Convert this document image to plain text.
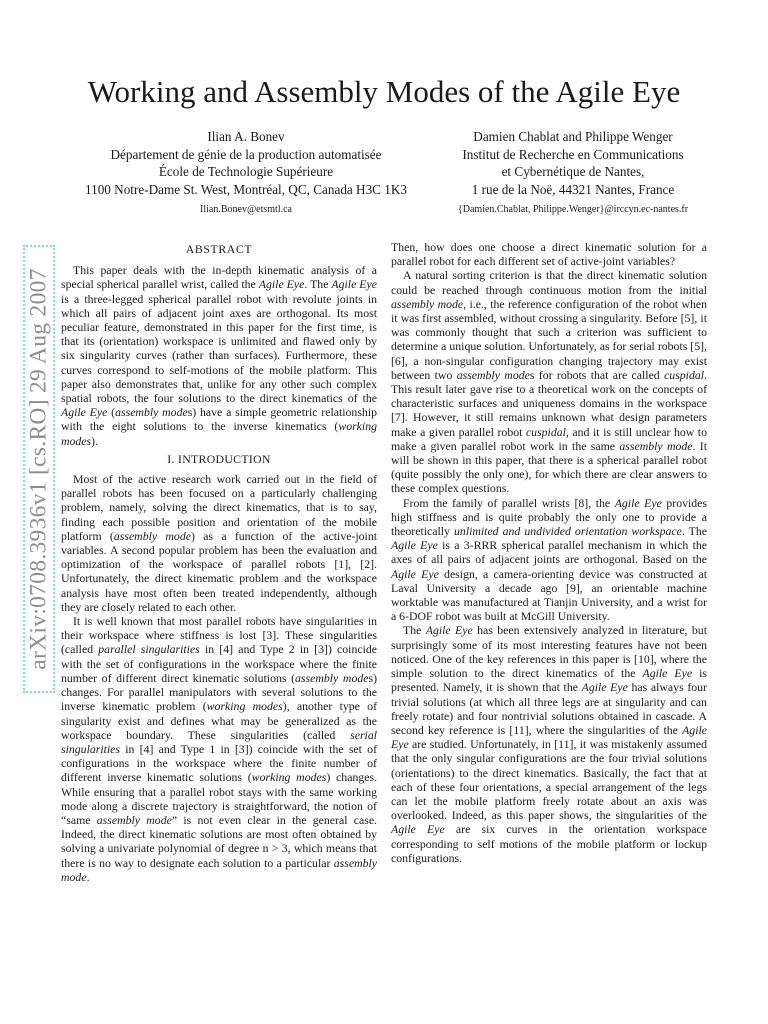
Working and Assembly Modes of the Agile Eye
Ilian A. Bonev
Département de génie de la production automatisée
École de Technologie Supérieure
1100 Notre-Dame St. West, Montréal, QC, Canada H3C 1K3
Ilian.Bonev@etsmtl.ca
Damien Chablat and Philippe Wenger
Institut de Recherche en Communications
et Cybernétique de Nantes,
1 rue de la Noë, 44321 Nantes, France
{Damien.Chablat, Philippe.Wenger}@irccyn.ec-nantes.fr
arXiv:0708.3936v1 [cs.RO] 29 Aug 2007
ABSTRACT

This paper deals with the in-depth kinematic analysis of a special spherical parallel wrist, called the Agile Eye. The Agile Eye is a three-legged spherical parallel robot with revolute joints in which all pairs of adjacent joint axes are orthogonal. Its most peculiar feature, demonstrated in this paper for the first time, is that its (orientation) workspace is unlimited and flawed only by six singularity curves (rather than surfaces). Furthermore, these curves correspond to self-motions of the mobile platform. This paper also demonstrates that, unlike for any other such complex spatial robots, the four solutions to the direct kinematics of the Agile Eye (assembly modes) have a simple geometric relationship with the eight solutions to the inverse kinematics (working modes).

I. INTRODUCTION

Most of the active research work carried out in the field of parallel robots has been focused on a particularly challenging problem, namely, solving the direct kinematics, that is to say, finding each possible position and orientation of the mobile platform (assembly mode) as a function of the active-joint variables. A second popular problem has been the evaluation and optimization of the workspace of parallel robots [1], [2]. Unfortunately, the direct kinematic problem and the workspace analysis have most often been treated independently, although they are closely related to each other.

It is well known that most parallel robots have singularities in their workspace where stiffness is lost [3]. These singularities (called parallel singularities in [4] and Type 2 in [3]) coincide with the set of configurations in the workspace where the finite number of different direct kinematic solutions (assembly modes) changes. For parallel manipulators with several solutions to the inverse kinematic problem (working modes), another type of singularity exist and defines what may be generalized as the workspace boundary. These singularities (called serial singularities in [4] and Type 1 in [3]) coincide with the set of configurations in the workspace where the finite number of different inverse kinematic solutions (working modes) changes. While ensuring that a parallel robot stays with the same working mode along a discrete trajectory is straightforward, the notion of “same assembly mode” is not even clear in the general case. Indeed, the direct kinematic solutions are most often obtained by solving a univariate polynomial of degree n > 3, which means that there is no way to designate each solution to a particular assembly mode.

Then, how does one choose a direct kinematic solution for a parallel robot for each different set of active-joint variables?

A natural sorting criterion is that the direct kinematic solution could be reached through continuous motion from the initial assembly mode, i.e., the reference configuration of the robot when it was first assembled, without crossing a singularity. Before [5], it was commonly thought that such a criterion was sufficient to determine a unique solution. Unfortunately, as for serial robots [5], [6], a non-singular configuration changing trajectory may exist between two assembly modes for robots that are called cuspidal. This result later gave rise to a theoretical work on the concepts of characteristic surfaces and uniqueness domains in the workspace [7]. However, it still remains unknown what design parameters make a given parallel robot cuspidal, and it is still unclear how to make a given parallel robot work in the same assembly mode. It will be shown in this paper, that there is a spherical parallel robot (quite possibly the only one), for which there are clear answers to these complex questions.

From the family of parallel wrists [8], the Agile Eye provides high stiffness and is quite probably the only one to provide a theoretically unlimited and undivided orientation workspace. The Agile Eye is a 3-RRR spherical parallel mechanism in which the axes of all pairs of adjacent joints are orthogonal. Based on the Agile Eye design, a camera-orienting device was constructed at Laval University a decade ago [9], an orientable machine worktable was manufactured at Tianjin University, and a wrist for a 6-DOF robot was built at McGill University.

The Agile Eye has been extensively analyzed in literature, but surprisingly some of its most interesting features have not been noticed. One of the key references in this paper is [10], where the simple solution to the direct kinematics of the Agile Eye is presented. Namely, it is shown that the Agile Eye has always four trivial solutions (at which all three legs are at singularity and can freely rotate) and four nontrivial solutions obtained in cascade. A second key reference is [11], where the singularities of the Agile Eye are studied. Unfortunately, in [11], it was mistakenly assumed that the only singular configurations are the four trivial solutions (orientations) to the direct kinematics. Basically, the fact that at each of these four orientations, a special arrangement of the legs can let the mobile platform freely rotate about an axis was overlooked. Indeed, as this paper shows, the singularities of the Agile Eye are six curves in the orientation workspace corresponding to self motions of the mobile platform or lockup configurations.
